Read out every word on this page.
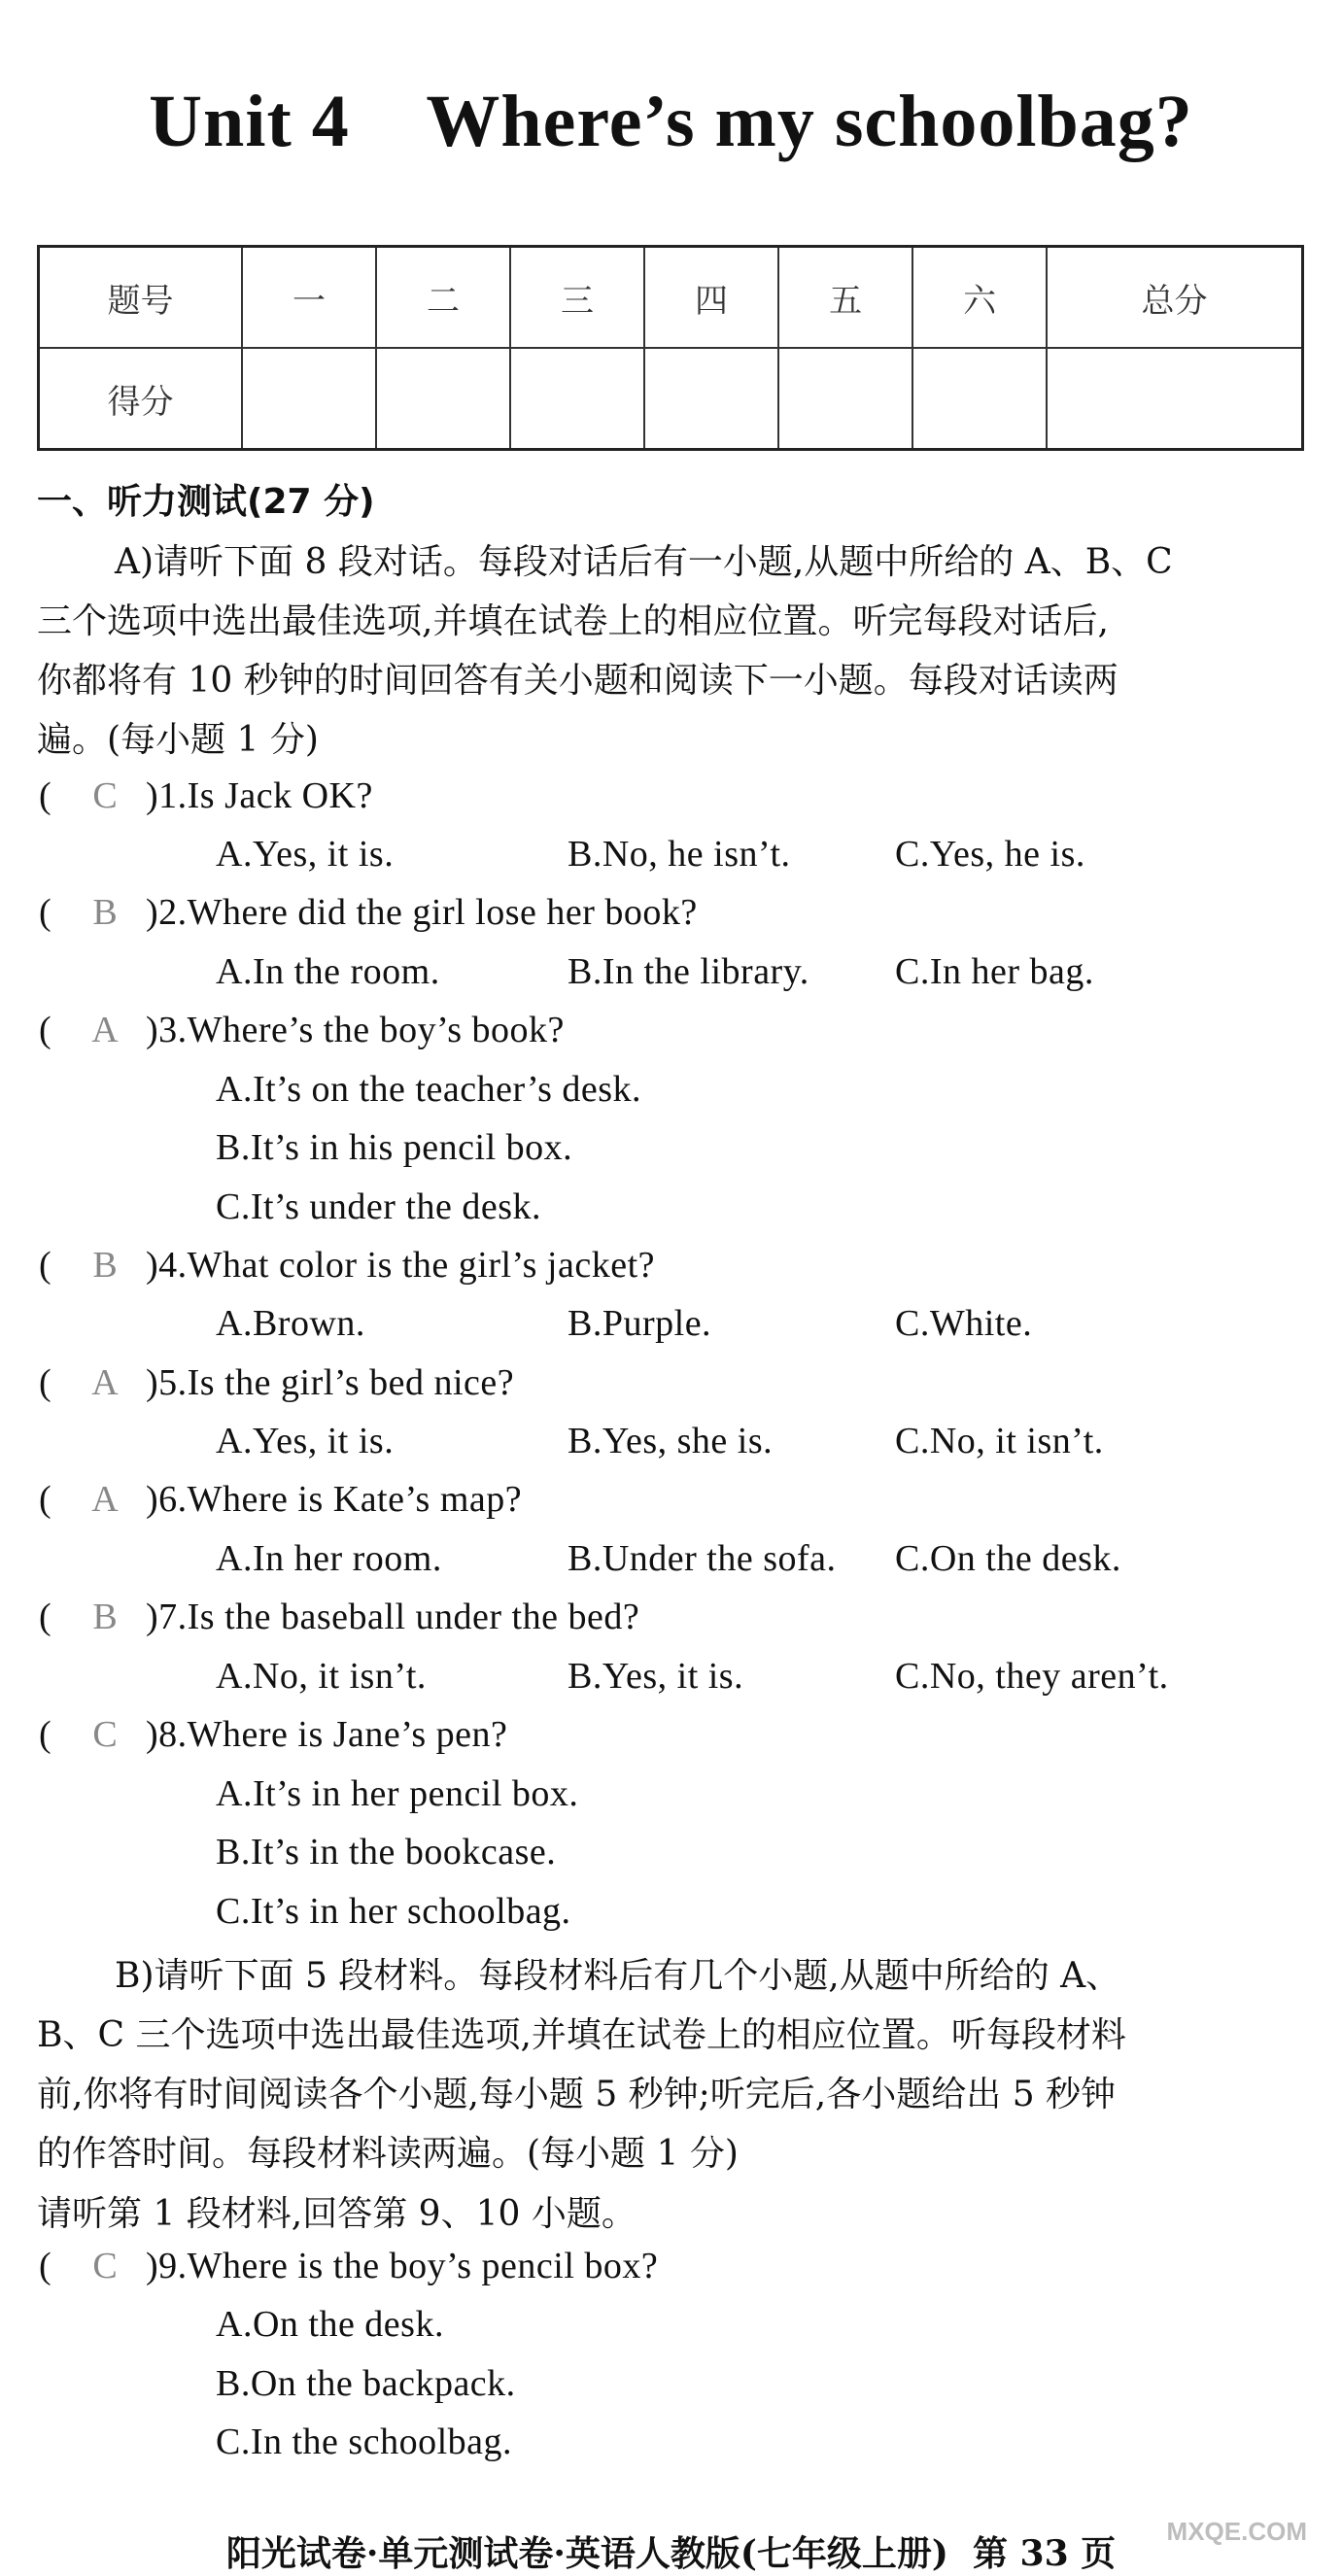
Unit 4    Where’s my schoolbag?
题号	一	二	三	四	五	六	总分
得分							
一、听力测试(27 分)
A)请听下面 8 段对话。每段对话后有一小题,从题中所给的 A、B、C
三个选项中选出最佳选项,并填在试卷上的相应位置。听完每段对话后,
你都将有 10 秒钟的时间回答有关小题和阅读下一小题。每段对话读两
遍。(每小题 1 分)
( C )1.Is Jack OK?
A.Yes, it is.	B.No, he isn’t.	C.Yes, he is.
( B )2.Where did the girl lose her book?
A.In the room.	B.In the library. C.In her bag.
( A )3.Where’s the boy’s book?
A.It’s on the teacher’s desk.
B.It’s in his pencil box.
C.It’s under the desk.
( B )4.What color is the girl’s jacket?
A.Brown.	B.Purple.	C.White.
( A )5.Is the girl’s bed nice?
A.Yes, it is.	B.Yes, she is.	C.No, it isn’t.
( A )6.Where is Kate’s map?
A.In her room.	B.Under the sofa. C.On the desk.
( B )7.Is the baseball under the bed?
A.No, it isn’t.	B.Yes, it is.	C.No, they aren’t.
( C )8.Where is Jane’s pen?
A.It’s in her pencil box.
B.It’s in the bookcase.
C.It’s in her schoolbag.
B)请听下面 5 段材料。每段材料后有几个小题,从题中所给的 A、
B、C 三个选项中选出最佳选项,并填在试卷上的相应位置。听每段材料
前,你将有时间阅读各个小题,每小题 5 秒钟;听完后,各小题给出 5 秒钟
的作答时间。每段材料读两遍。(每小题 1 分)
请听第 1 段材料,回答第 9、10 小题。
( C )9.Where is the boy’s pencil box?
A.On the desk.
B.On the backpack.
C.In the schoolbag.
阳光试卷·单元测试卷·英语人教版(七年级上册)  第 33 页
MXQE.COM
